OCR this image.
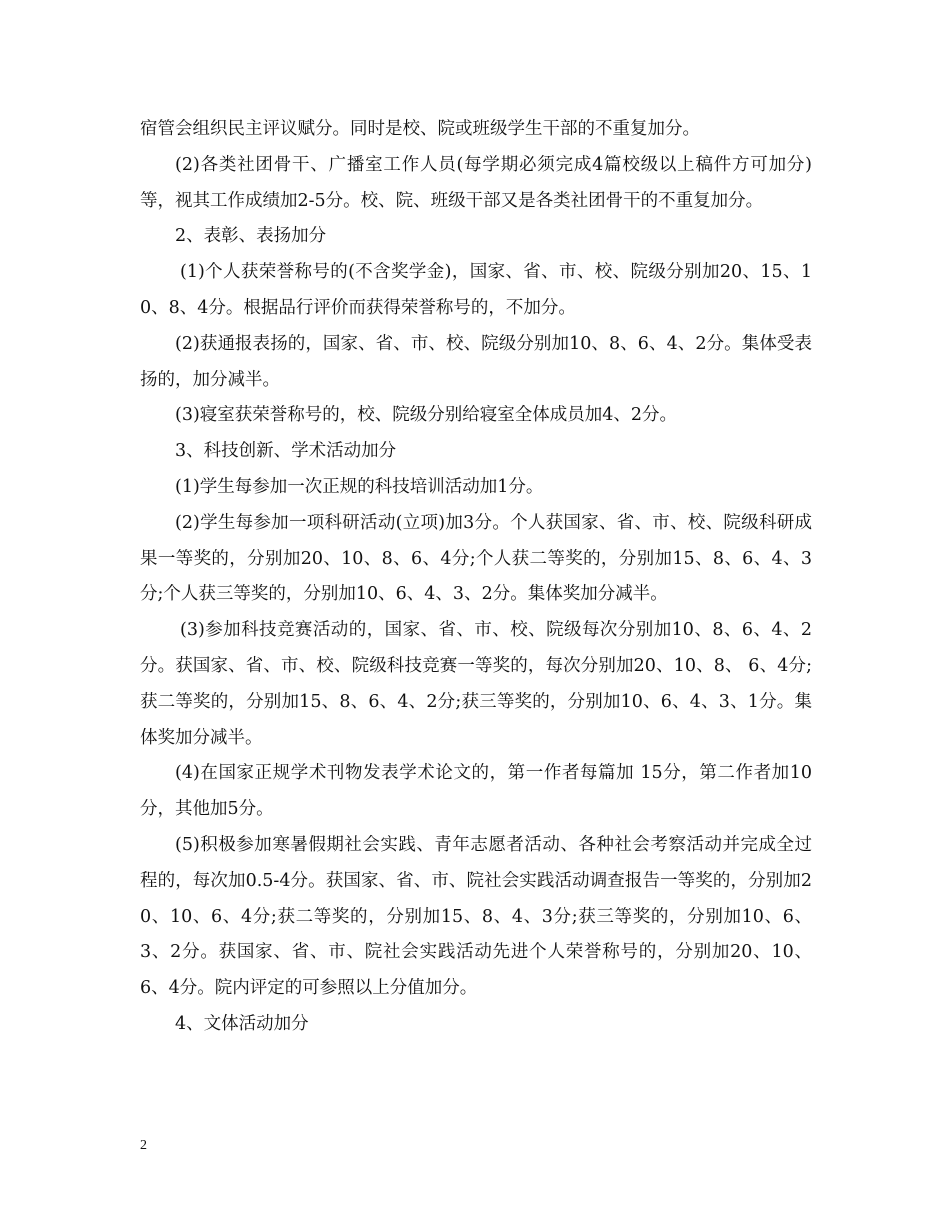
宿管会组织民主评议赋分。同时是校、院或班级学生干部的不重复加分。

(2)各类社团骨干、广播室工作人员(每学期必须完成4篇校级以上稿件方可加分)等，视其工作成绩加2-5分。校、院、班级干部又是各类社团骨干的不重复加分。

2、表彰、表扬加分

(1)个人获荣誉称号的(不含奖学金)，国家、省、市、校、院级分别加20、15、10、8、4分。根据品行评价而获得荣誉称号的，不加分。

(2)获通报表扬的，国家、省、市、校、院级分别加10、8、6、4、2分。集体受表扬的，加分减半。

(3)寝室获荣誉称号的，校、院级分别给寝室全体成员加4、2分。

3、科技创新、学术活动加分

(1)学生每参加一次正规的科技培训活动加1分。

(2)学生每参加一项科研活动(立项)加3分。个人获国家、省、市、校、院级科研成果一等奖的，分别加20、10、8、6、4分;个人获二等奖的，分别加15、8、6、4、3分;个人获三等奖的，分别加10、6、4、3、2分。集体奖加分减半。

(3)参加科技竞赛活动的，国家、省、市、校、院级每次分别加10、8、6、4、2分。获国家、省、市、校、院级科技竞赛一等奖的，每次分别加20、10、8、 6、4分;获二等奖的，分别加15、8、6、4、2分;获三等奖的，分别加10、6、4、3、1分。集体奖加分减半。

(4)在国家正规学术刊物发表学术论文的，第一作者每篇加 15分，第二作者加10分，其他加5分。

(5)积极参加寒暑假期社会实践、青年志愿者活动、各种社会考察活动并完成全过程的，每次加0.5-4分。获国家、省、市、院社会实践活动调查报告一等奖的，分别加20、10、6、4分;获二等奖的，分别加15、8、4、3分;获三等奖的，分别加10、6、3、2分。获国家、省、市、院社会实践活动先进个人荣誉称号的，分别加20、10、6、4分。院内评定的可参照以上分值加分。

4、文体活动加分

2
